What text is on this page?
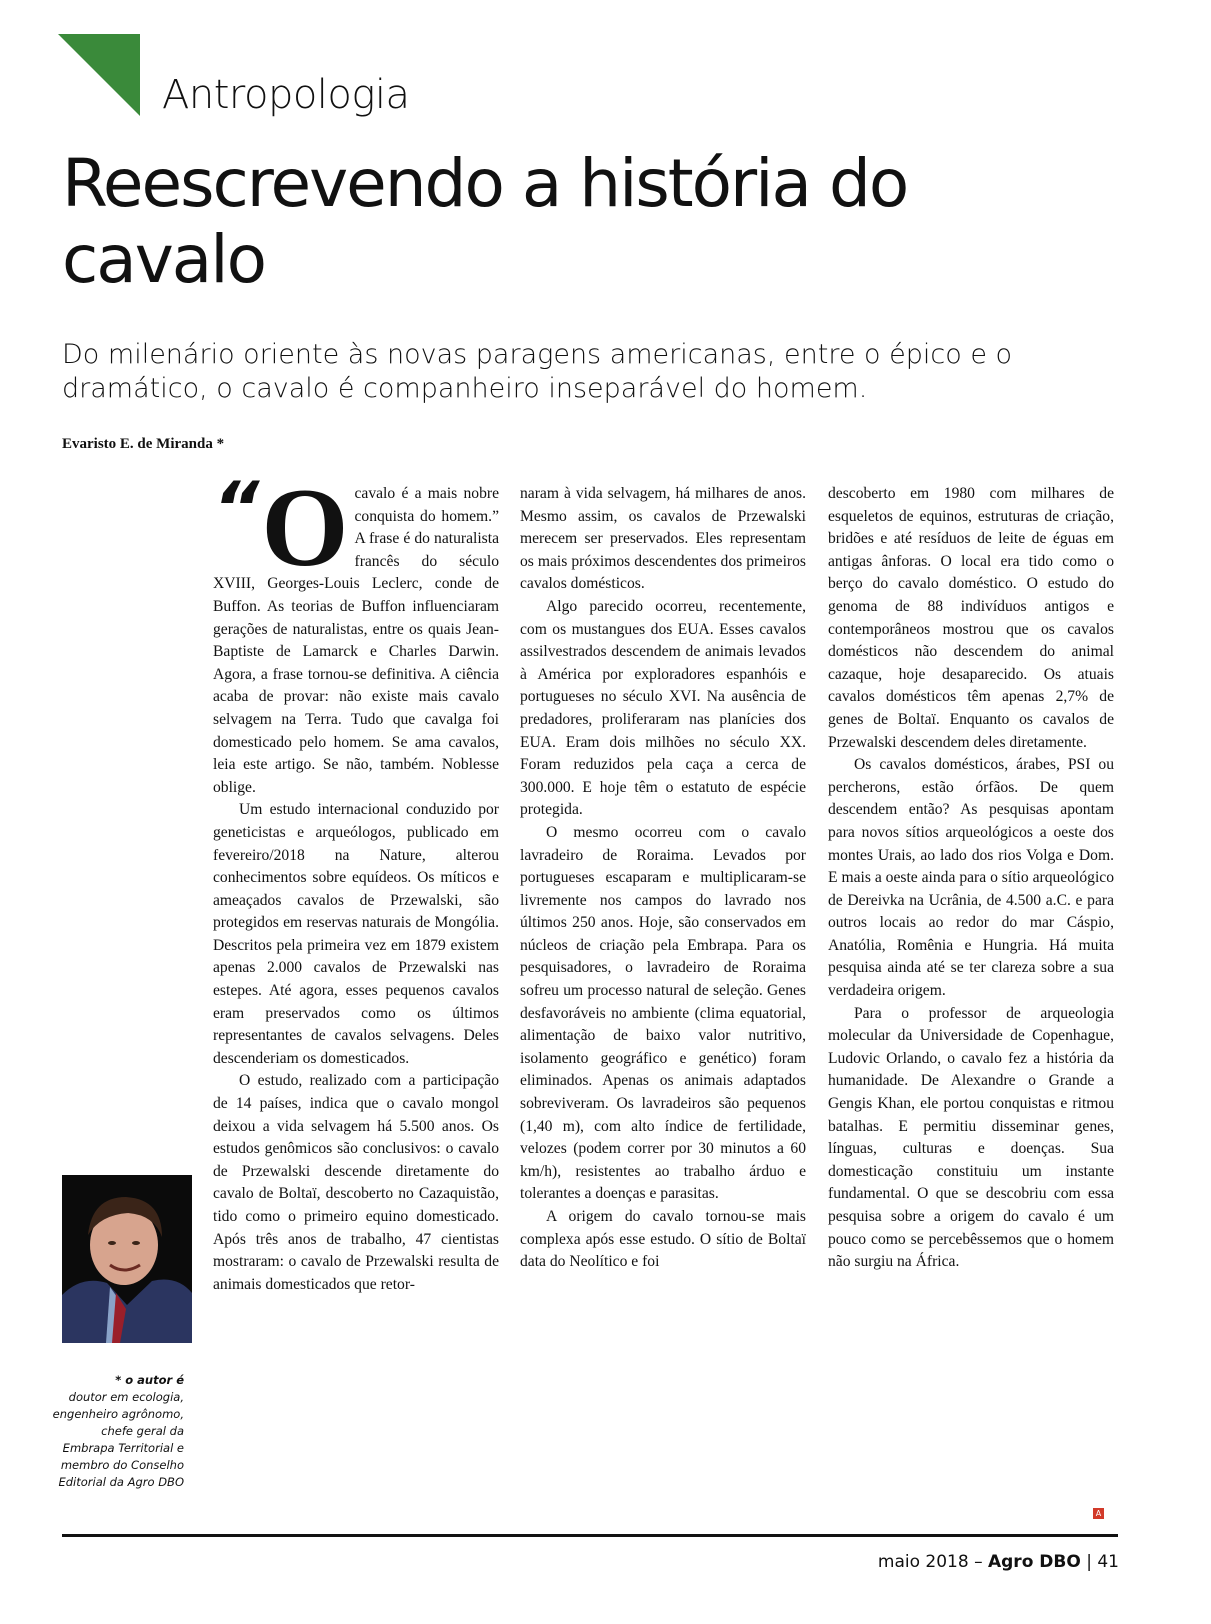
Antropologia
Reescrevendo a história do cavalo
Do milenário oriente às novas paragens americanas, entre o épico e o dramático, o cavalo é companheiro inseparável do homem.
Evaristo E. de Miranda *

“ O cavalo é a mais nobre conquista do homem.” A frase é do naturalista francês do século XVIII, Georges-Louis Leclerc, conde de Buffon. As teorias de Buffon influenciaram gerações de naturalistas, entre os quais Jean-Baptiste de Lamarck e Charles Darwin. Agora, a frase tornou-se definitiva. A ciência acaba de provar: não existe mais cavalo selvagem na Terra. Tudo que cavalga foi domesticado pelo homem. Se ama cavalos, leia este artigo. Se não, também. Noblesse oblige.

Um estudo internacional conduzido por geneticistas e arqueólogos, publicado em fevereiro/2018 na Nature, alterou conhecimentos sobre equídeos. Os míticos e ameaçados cavalos de Przewalski, são protegidos em reservas naturais de Mongólia. Descritos pela primeira vez em 1879 existem apenas 2.000 cavalos de Przewalski nas estepes. Até agora, esses pequenos cavalos eram preservados como os últimos representantes de cavalos selvagens. Deles descenderiam os domesticados.

O estudo, realizado com a participação de 14 países, indica que o cavalo mongol deixou a vida selvagem há 5.500 anos. Os estudos genômicos são conclusivos: o cavalo de Przewalski descende diretamente do cavalo de Boltaï, descoberto no Cazaquistão, tido como o primeiro equino domesticado. Após três anos de trabalho, 47 cientistas mostraram: o cavalo de Przewalski resulta de animais domesticados que retor-

naram à vida selvagem, há milhares de anos. Mesmo assim, os cavalos de Przewalski merecem ser preservados. Eles representam os mais próximos descendentes dos primeiros cavalos domésticos.

Algo parecido ocorreu, recentemente, com os mustangues dos EUA. Esses cavalos assilvestrados descendem de animais levados à América por exploradores espanhóis e portugueses no século XVI. Na ausência de predadores, proliferaram nas planícies dos EUA. Eram dois milhões no século XX. Foram reduzidos pela caça a cerca de 300.000. E hoje têm o estatuto de espécie protegida.

O mesmo ocorreu com o cavalo lavradeiro de Roraima. Levados por portugueses escaparam e multiplicaram-se livremente nos campos do lavrado nos últimos 250 anos. Hoje, são conservados em núcleos de criação pela Embrapa. Para os pesquisadores, o lavradeiro de Roraima sofreu um processo natural de seleção. Genes desfavoráveis no ambiente (clima equatorial, alimentação de baixo valor nutritivo, isolamento geográfico e genético) foram eliminados. Apenas os animais adaptados sobreviveram. Os lavradeiros são pequenos (1,40 m), com alto índice de fertilidade, velozes (podem correr por 30 minutos a 60 km/h), resistentes ao trabalho árduo e tolerantes a doenças e parasitas.

A origem do cavalo tornou-se mais complexa após esse estudo. O sítio de Boltaï data do Neolítico e foi

descoberto em 1980 com milhares de esqueletos de equinos, estruturas de criação, bridões e até resíduos de leite de éguas em antigas ânforas. O local era tido como o berço do cavalo doméstico. O estudo do genoma de 88 indivíduos antigos e contemporâneos mostrou que os cavalos domésticos não descendem do animal cazaque, hoje desaparecido. Os atuais cavalos domésticos têm apenas 2,7% de genes de Boltaï. Enquanto os cavalos de Przewalski descendem deles diretamente.

Os cavalos domésticos, árabes, PSI ou percherons, estão órfãos. De quem descendem então? As pesquisas apontam para novos sítios arqueológicos a oeste dos montes Urais, ao lado dos rios Volga e Dom. E mais a oeste ainda para o sítio arqueológico de Dereivka na Ucrânia, de 4.500 a.C. e para outros locais ao redor do mar Cáspio, Anatólia, Romênia e Hungria. Há muita pesquisa ainda até se ter clareza sobre a sua verdadeira origem.

Para o professor de arqueologia molecular da Universidade de Copenhague, Ludovic Orlando, o cavalo fez a história da humanidade. De Alexandre o Grande a Gengis Khan, ele portou conquistas e ritmou batalhas. E permitiu disseminar genes, línguas, culturas e doenças. Sua domesticação constituiu um instante fundamental. O que se descobriu com essa pesquisa sobre a origem do cavalo é um pouco como se percebêssemos que o homem não surgiu na África.

* o autor é
doutor em ecologia, engenheiro agrônomo, chefe geral da Embrapa Territorial e membro do Conselho Editorial da Agro DBO
A
maio 2018 – Agro DBO | 41
